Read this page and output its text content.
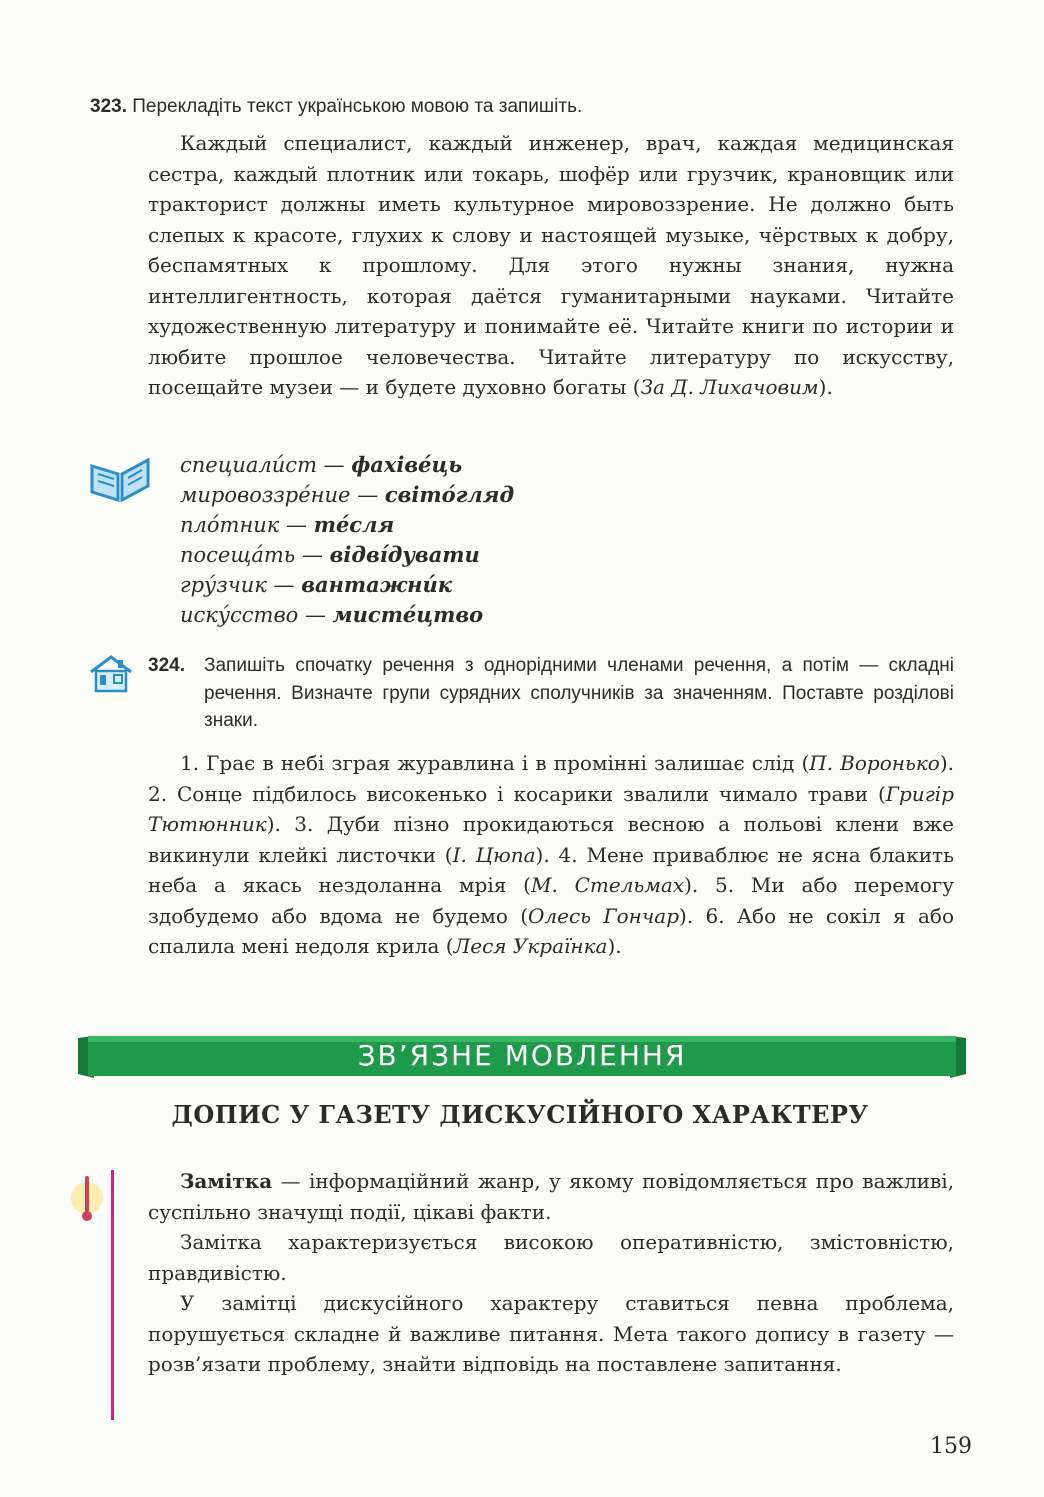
323. Перекладіть текст українською мовою та запишіть.

Каждый специалист, каждый инженер, врач, каждая медицинская сестра, каждый плотник или токарь, шофёр или грузчик, крановщик или тракторист должны иметь культурное мировоззрение. Не должно быть слепых к красоте, глухих к слову и настоящей музыке, чёрствых к добру, беспамятных к прошлому. Для этого нужны знания, нужна интеллигентность, которая даётся гуманитарными науками. Читайте художественную литературу и понимайте её. Читайте книги по истории и любите прошлое человечества. Читайте литературу по искусству, посещайте музеи — и будете духовно богаты (За Д. Лихачовим).

специали́ст — фахіве́ць
мировоззре́ние — світо́гляд
пло́тник — те́сля
посеща́ть — відві́дувати
гру́зчик — вантажни́к
иску́сство — мисте́цтво
324.	Запишіть спочатку речення з однорідними членами речення, а потім — складні речення. Визначте групи сурядних сполучників за значенням. Поставте розділові знаки.

1. Грає в небі зграя журавлина і в промінні залишає слід (П. Воронько). 2. Сонце підбилось високенько і косарики звалили чимало трави (Григір Тютюнник). 3. Дуби пізно прокидаються весною а польові клени вже викинули клейкі листочки (І. Цюпа). 4. Мене приваблює не ясна блакить неба а якась нездоланна мрія (М. Стельмах). 5. Ми або перемогу здобудемо або вдома не будемо (Олесь Гончар). 6. Або не сокіл я або спалила мені недоля крила (Леся Українка).

ЗВ’ЯЗНЕ МОВЛЕННЯ
ДОПИС У ГАЗЕТУ ДИСКУСІЙНОГО ХАРАКТЕРУ

Замітка — інформаційний жанр, у якому повідомляється про важливі, суспільно значущі події, цікаві факти.

Замітка характеризується високою оперативністю, змістовністю, правдивістю.

У замітці дискусійного характеру ставиться певна проблема, порушується складне й важливе питання. Мета такого допису в газету — розв’язати проблему, знайти відповідь на поставлене запитання.

159
